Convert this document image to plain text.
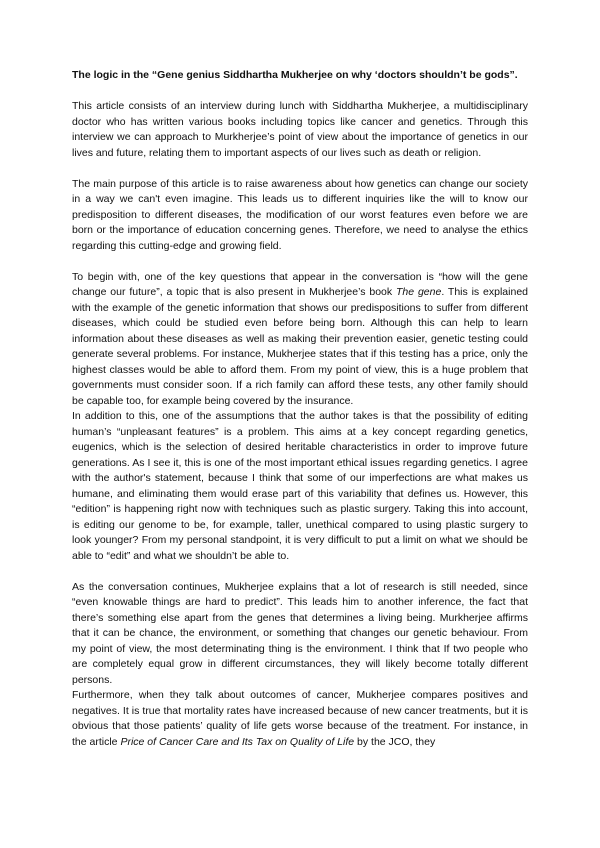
The logic in the “Gene genius Siddhartha Mukherjee on why ‘doctors shouldn’t be gods”.

This article consists of an interview during lunch with Siddhartha Mukherjee, a multidisciplinary doctor who has written various books including topics like cancer and genetics. Through this interview we can approach to Murkherjee’s point of view about the importance of genetics in our lives and future, relating them to important aspects of our lives such as death or religion.

The main purpose of this article is to raise awareness about how genetics can change our society in a way we can't even imagine. This leads us to different inquiries like the will to know our predisposition to different diseases, the modification of our worst features even before we are born or the importance of education concerning genes. Therefore, we need to analyse the ethics regarding this cutting-edge and growing field.

To begin with, one of the key questions that appear in the conversation is “how will the gene change our future”, a topic that is also present in Mukherjee’s book The gene. This is explained with the example of the genetic information that shows our predispositions to suffer from different diseases, which could be studied even before being born. Although this can help to learn information about these diseases as well as making their prevention easier, genetic testing could generate several problems. For instance, Mukherjee states that if this testing has a price, only the highest classes would be able to afford them. From my point of view, this is a huge problem that governments must consider soon. If a rich family can afford these tests, any other family should be capable too, for example being covered by the insurance.

In addition to this, one of the assumptions that the author takes is that the possibility of editing human’s “unpleasant features” is a problem. This aims at a key concept regarding genetics, eugenics, which is the selection of desired heritable characteristics in order to improve future generations. As I see it, this is one of the most important ethical issues regarding genetics. I agree with the author's statement, because I think that some of our imperfections are what makes us humane, and eliminating them would erase part of this variability that defines us. However, this “edition” is happening right now with techniques such as plastic surgery. Taking this into account, is editing our genome to be, for example, taller, unethical compared to using plastic surgery to look younger? From my personal standpoint, it is very difficult to put a limit on what we should be able to “edit” and what we shouldn’t be able to.

As the conversation continues, Mukherjee explains that a lot of research is still needed, since “even knowable things are hard to predict”. This leads him to another inference, the fact that there’s something else apart from the genes that determines a living being. Murkherjee affirms that it can be chance, the environment, or something that changes our genetic behaviour. From my point of view, the most determinating thing is the environment. I think that If two people who are completely equal grow in different circumstances, they will likely become totally different persons.

Furthermore, when they talk about outcomes of cancer, Mukherjee compares positives and negatives. It is true that mortality rates have increased because of new cancer treatments, but it is obvious that those patients’ quality of life gets worse because of the treatment. For instance, in the article Price of Cancer Care and Its Tax on Quality of Life by the JCO, they
